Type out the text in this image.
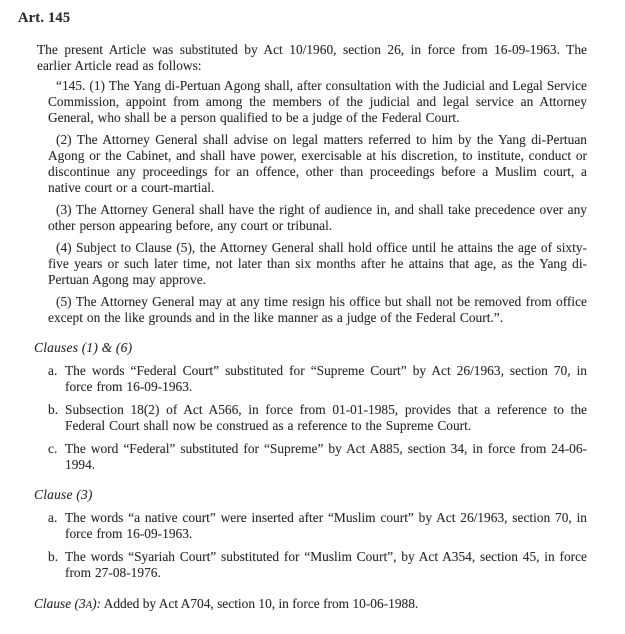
Art. 145

The present Article was substituted by Act 10/1960, section 26, in force from 16-09-1963. The earlier Article read as follows:

“145. (1) The Yang di-Pertuan Agong shall, after consultation with the Judicial and Legal Service Commission, appoint from among the members of the judicial and legal service an Attorney General, who shall be a person qualified to be a judge of the Federal Court.

(2) The Attorney General shall advise on legal matters referred to him by the Yang di-Pertuan Agong or the Cabinet, and shall have power, exercisable at his discretion, to institute, conduct or discontinue any proceedings for an offence, other than proceedings before a Muslim court, a native court or a court-martial.

(3) The Attorney General shall have the right of audience in, and shall take precedence over any other person appearing before, any court or tribunal.

(4) Subject to Clause (5), the Attorney General shall hold office until he attains the age of sixty-five years or such later time, not later than six months after he attains that age, as the Yang di-Pertuan Agong may approve.

(5) The Attorney General may at any time resign his office but shall not be removed from office except on the like grounds and in the like manner as a judge of the Federal Court.”.

Clauses (1) & (6)
a. The words “Federal Court” substituted for “Supreme Court” by Act 26/1963, section 70, in force from 16-09-1963.

b. Subsection 18(2) of Act A566, in force from 01-01-1985, provides that a reference to the Federal Court shall now be construed as a reference to the Supreme Court.

c. The word “Federal” substituted for “Supreme” by Act A885, section 34, in force from 24-06-1994.

Clause (3)
a. The words “a native court” were inserted after “Muslim court” by Act 26/1963, section 70, in force from 16-09-1963.

b. The words “Syariah Court” substituted for “Muslim Court”, by Act A354, section 45, in force from 27-08-1976.

Clause (3A): Added by Act A704, section 10, in force from 10-06-1988.
